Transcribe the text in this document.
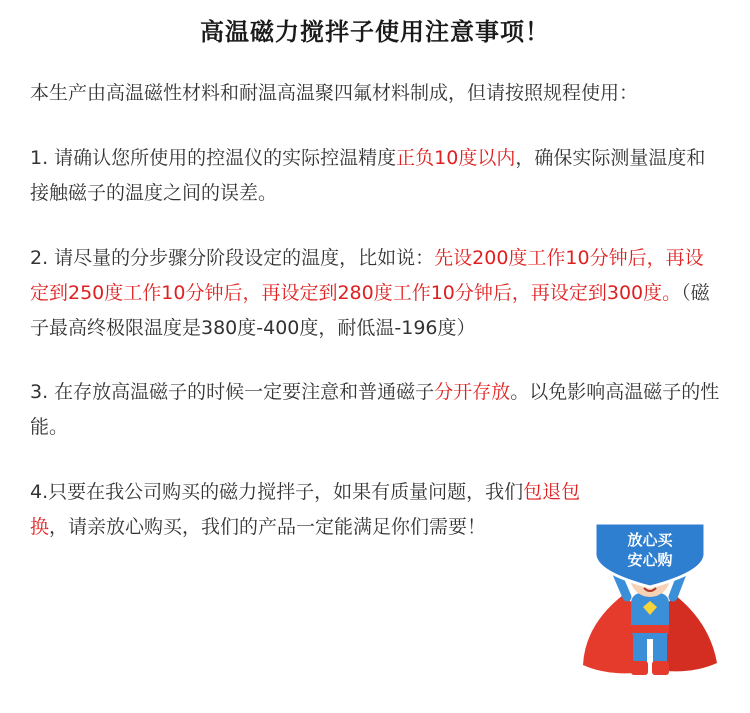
高温磁力搅拌子使用注意事项！
本生产由高温磁性材料和耐温高温聚四氟材料制成，但请按照规程使用：
1. 请确认您所使用的控温仪的实际控温精度正负10度以内，确保实际测量温度和接触磁子的温度之间的误差。
2. 请尽量的分步骤分阶段设定的温度，比如说：先设200度工作10分钟后，再设定到250度工作10分钟后，再设定到280度工作10分钟后，再设定到300度。（磁子最高终极限温度是380度-400度，耐低温-196度）
3. 在存放高温磁子的时候一定要注意和普通磁子分开存放。以免影响高温磁子的性能。
4.只要在我公司购买的磁力搅拌子，如果有质量问题，我们包退包换，请亲放心购买，我们的产品一定能满足你们需要！
放心买
安心购
